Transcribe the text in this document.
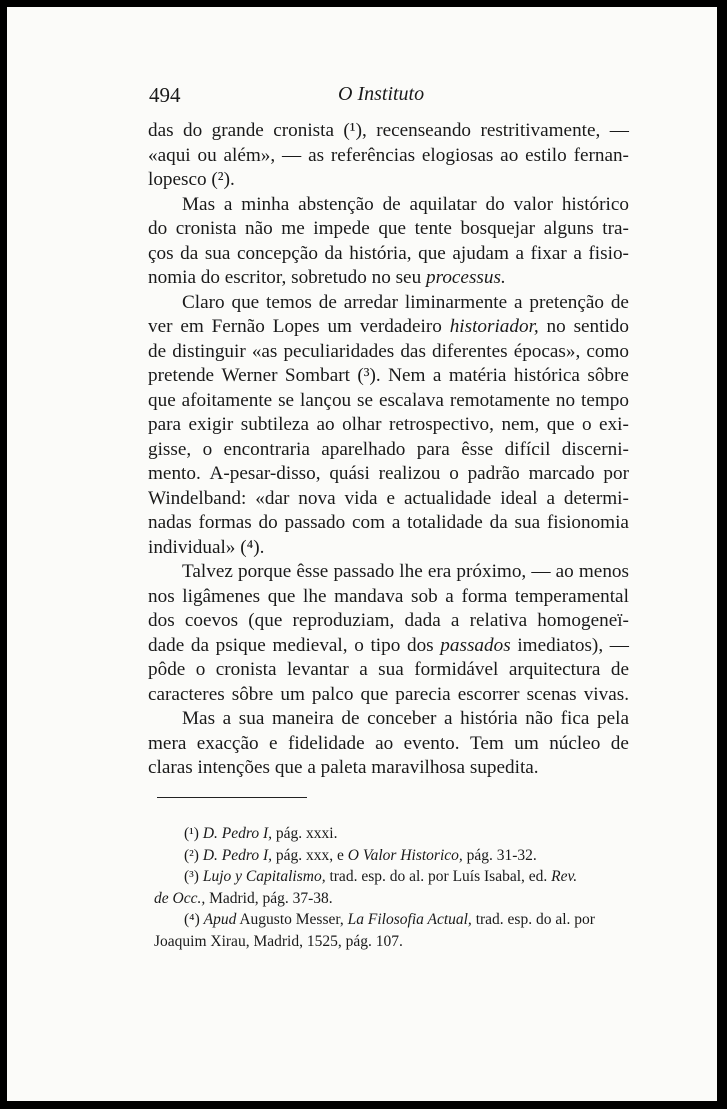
494	O Instituto
das do grande cronista (¹), recenseando restritivamente, —
«aqui ou além», — as referências elogiosas ao estilo fernan-
lopesco (²).
Mas a minha abstenção de aquilatar do valor histórico
do cronista não me impede que tente bosquejar alguns tra-
ços da sua concepção da história, que ajudam a fixar a fisio-
nomia do escritor, sobretudo no seu processus.
Claro que temos de arredar liminarmente a pretenção de
ver em Fernão Lopes um verdadeiro historiador, no sentido
de distinguir «as peculiaridades das diferentes épocas», como
pretende Werner Sombart (³). Nem a matéria histórica sôbre
que afoitamente se lançou se escalava remotamente no tempo
para exigir subtileza ao olhar retrospectivo, nem, que o exi-
gisse, o encontraria aparelhado para êsse difícil discerni-
mento. A-pesar-disso, quási realizou o padrão marcado por
Windelband: «dar nova vida e actualidade ideal a determi-
nadas formas do passado com a totalidade da sua fisionomia
individual» (⁴).
Talvez porque êsse passado lhe era próximo, — ao menos
nos ligâmenes que lhe mandava sob a forma temperamental
dos coevos (que reproduziam, dada a relativa homogeneï-
dade da psique medieval, o tipo dos passados imediatos), —
pôde o cronista levantar a sua formidável arquitectura de
caracteres sôbre um palco que parecia escorrer scenas vivas.
Mas a sua maneira de conceber a história não fica pela
mera exacção e fidelidade ao evento. Tem um núcleo de
claras intenções que a paleta maravilhosa supedita.
(¹) D. Pedro I, pág. xxxi.
(²) D. Pedro I, pág. xxx, e O Valor Historico, pág. 31-32.
(³) Lujo y Capitalismo, trad. esp. do al. por Luís Isabal, ed. Rev.
de Occ., Madrid, pág. 37-38.
(⁴) Apud Augusto Messer, La Filosofia Actual, trad. esp. do al. por
Joaquim Xirau, Madrid, 1525, pág. 107.
